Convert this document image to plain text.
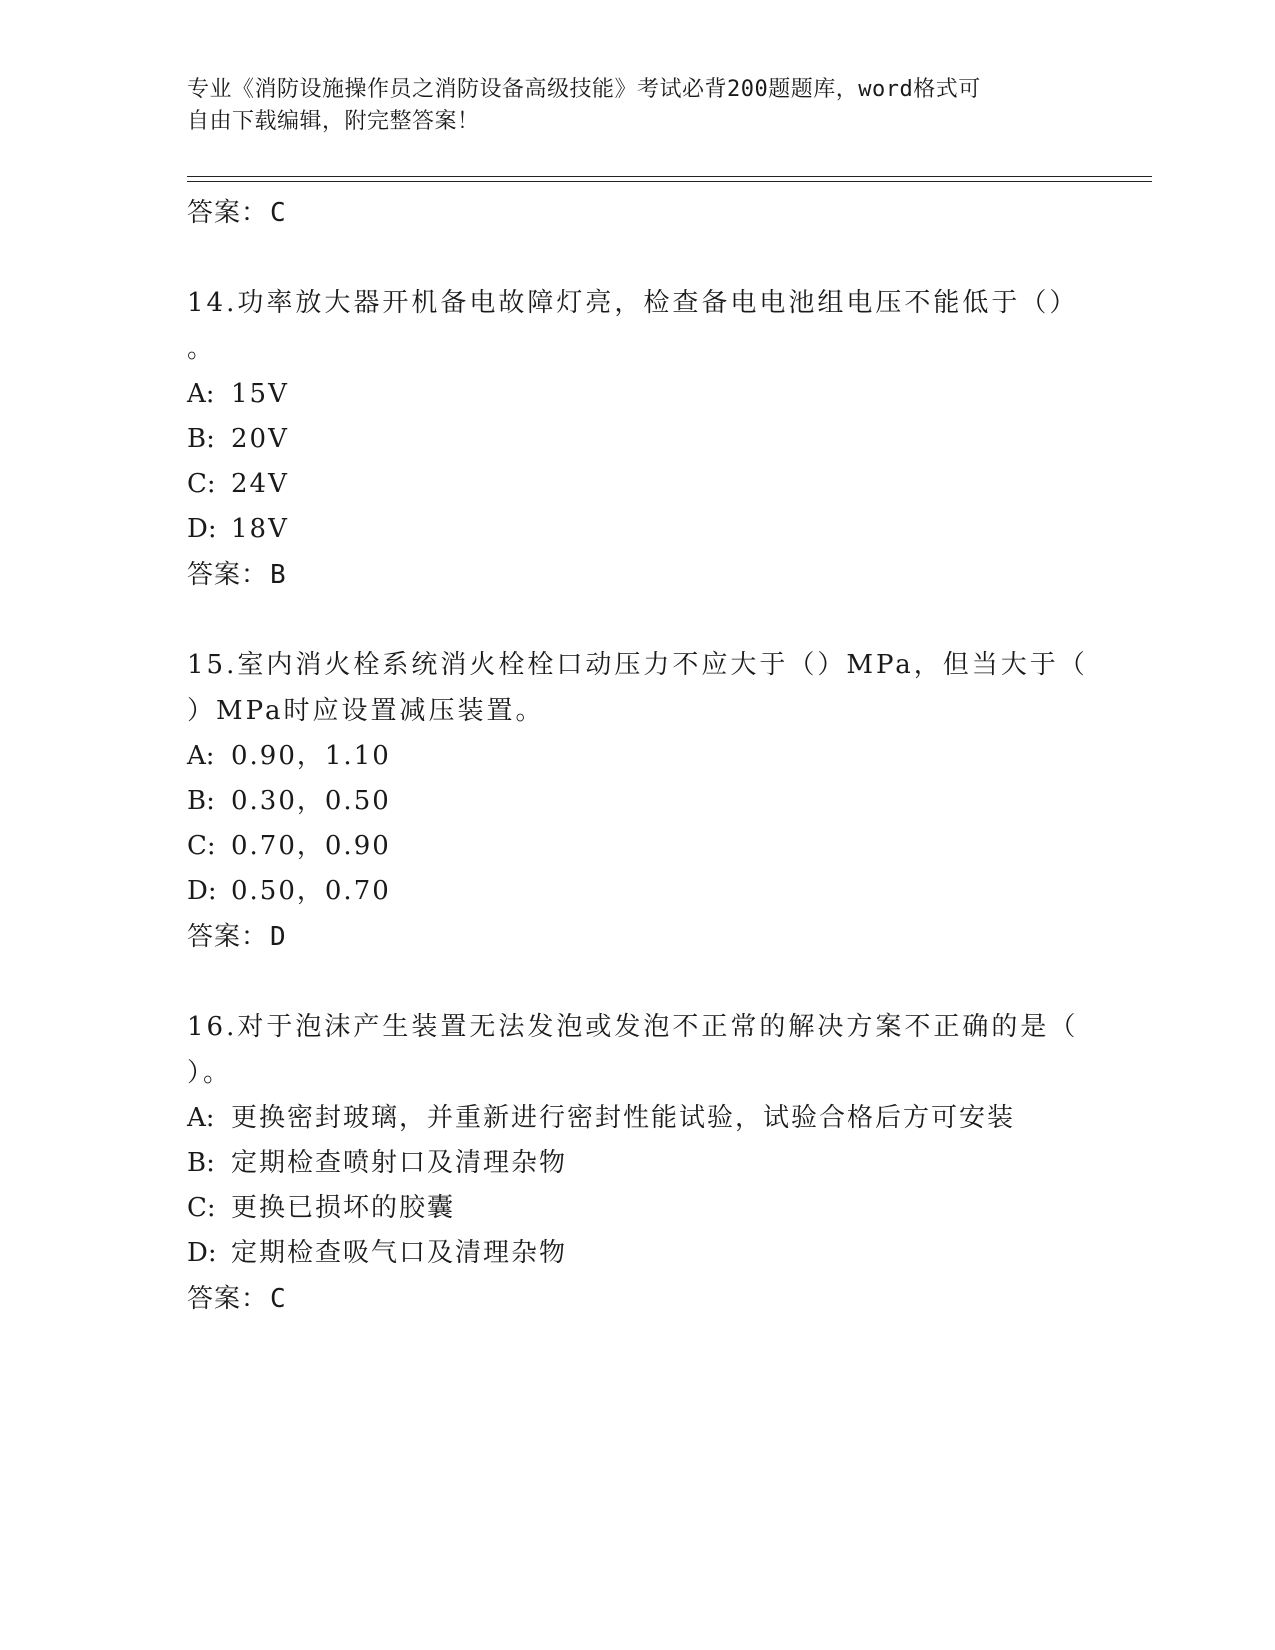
专业《消防设施操作员之消防设备高级技能》考试必背200题题库，word格式可
自由下载编辑，附完整答案！
答案：C
14.功率放大器开机备电故障灯亮，检查备电电池组电压不能低于（）
。
A: 15V
B: 20V
C: 24V
D: 18V
答案：B
15.室内消火栓系统消火栓栓口动压力不应大于（）MPa，但当大于（
）MPa时应设置减压装置。
A: 0.90，1.10
B: 0.30，0.50
C: 0.70，0.90
D: 0.50，0.70
答案：D
16.对于泡沫产生装置无法发泡或发泡不正常的解决方案不正确的是（
）。
A: 更换密封玻璃，并重新进行密封性能试验，试验合格后方可安装
B: 定期检查喷射口及清理杂物
C: 更换已损坏的胶囊
D: 定期检查吸气口及清理杂物
答案：C
